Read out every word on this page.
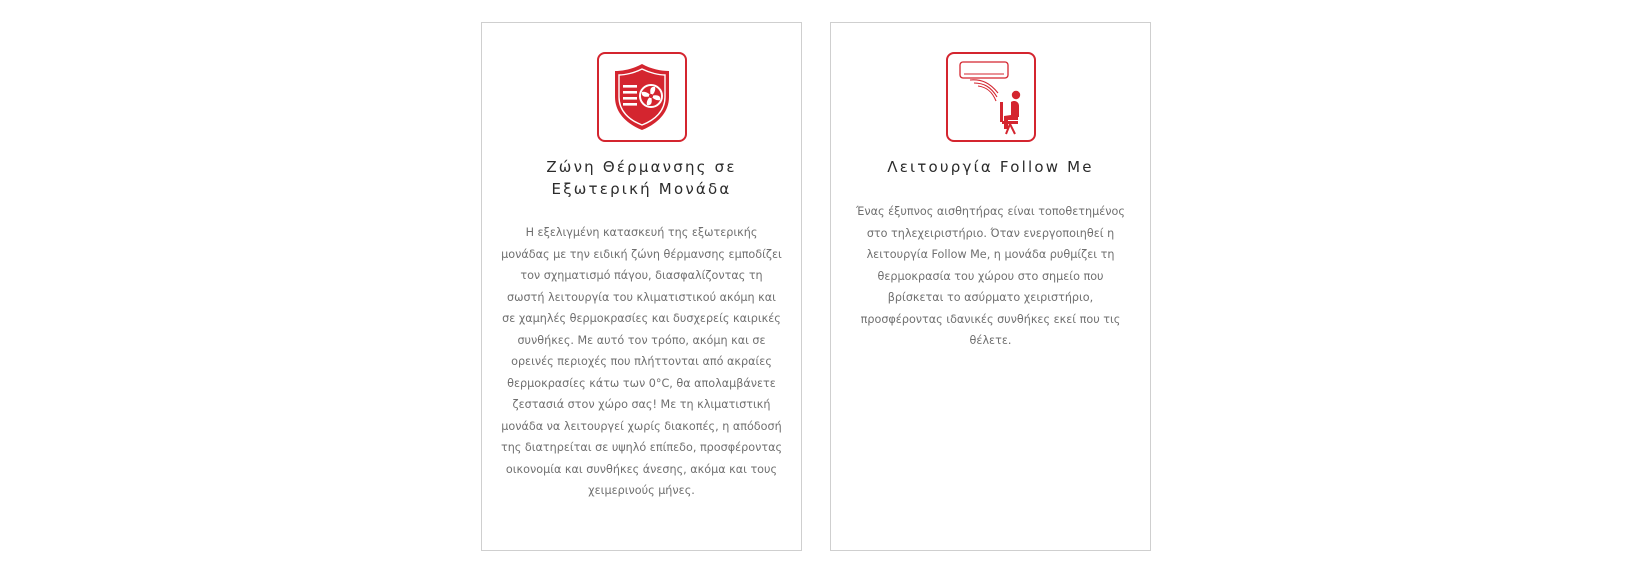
Ζώνη Θέρμανσης σε Εξωτερική Μονάδα

Η εξελιγμένη κατασκευή της εξωτερικής μονάδας με την ειδική ζώνη θέρμανσης εμποδίζει τον σχηματισμό πάγου, διασφαλίζοντας τη σωστή λειτουργία του κλιματιστικού ακόμη και σε χαμηλές θερμοκρασίες και δυσχερείς καιρικές συνθήκες. Με αυτό τον τρόπο, ακόμη και σε ορεινές περιοχές που πλήττονται από ακραίες θερμοκρασίες κάτω των 0°C, θα απολαμβάνετε ζεστασιά στον χώρο σας! Με τη κλιματιστική μονάδα να λειτουργεί χωρίς διακοπές, η απόδοσή της διατηρείται σε υψηλό επίπεδο, προσφέροντας οικονομία και συνθήκες άνεσης, ακόμα και τους χειμερινούς μήνες.

Λειτουργία Follow Me

Ένας έξυπνος αισθητήρας είναι τοποθετημένος στο τηλεχειριστήριο. Όταν ενεργοποιηθεί η λειτουργία Follow Me, η μονάδα ρυθμίζει τη θερμοκρασία του χώρου στο σημείο που βρίσκεται το ασύρματο χειριστήριο, προσφέροντας ιδανικές συνθήκες εκεί που τις θέλετε.
